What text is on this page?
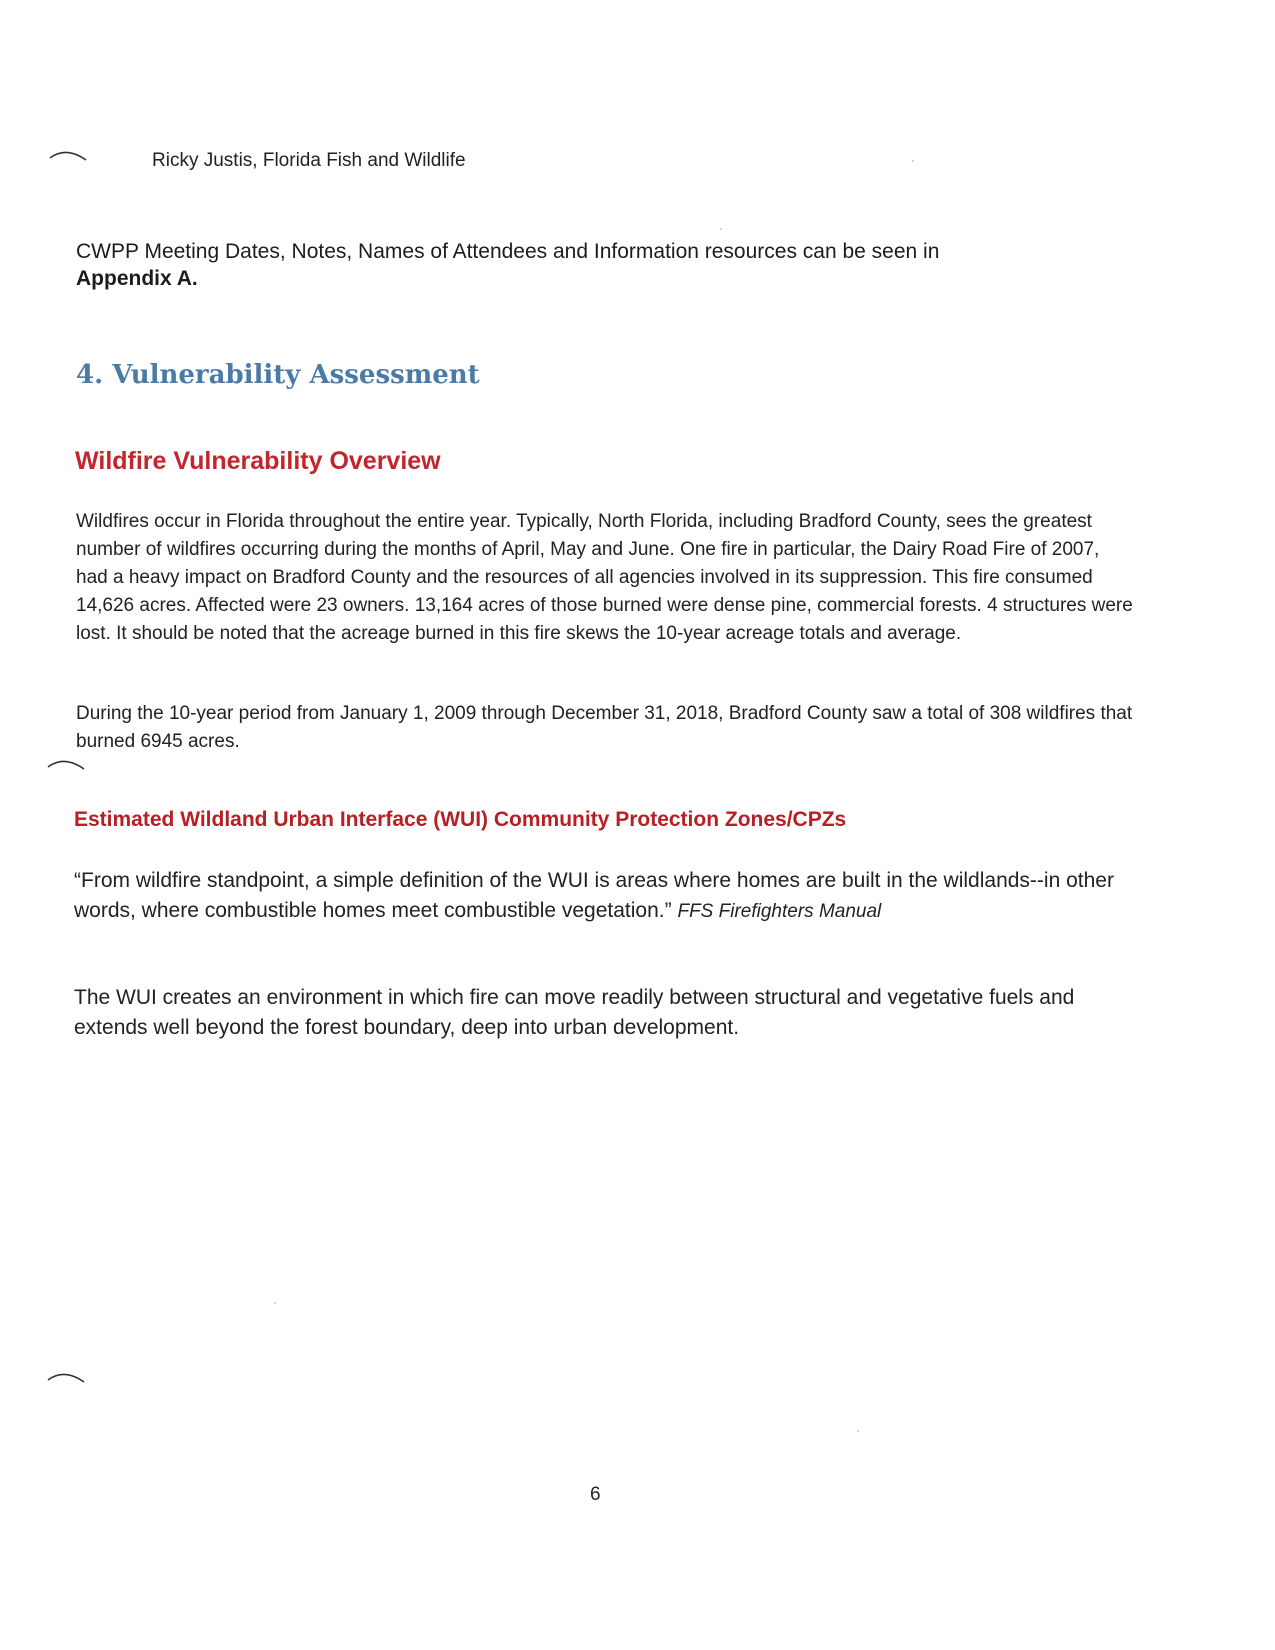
Ricky Justis, Florida Fish and Wildlife

CWPP Meeting Dates, Notes, Names of Attendees and Information resources can be seen in
Appendix A.

4. Vulnerability Assessment
Wildfire Vulnerability Overview

Wildfires occur in Florida throughout the entire year. Typically, North Florida, including Bradford County, sees the greatest number of wildfires occurring during the months of April, May and June. One fire in particular, the Dairy Road Fire of 2007, had a heavy impact on Bradford County and the resources of all agencies involved in its suppression. This fire consumed 14,626 acres. Affected were 23 owners. 13,164 acres of those burned were dense pine, commercial forests. 4 structures were lost. It should be noted that the acreage burned in this fire skews the 10-year acreage totals and average.

During the 10-year period from January 1, 2009 through December 31, 2018, Bradford County saw a total of 308 wildfires that burned 6945 acres.

Estimated Wildland Urban Interface (WUI) Community Protection Zones/CPZs

“From wildfire standpoint, a simple definition of the WUI is areas where homes are built in the wildlands--in other words, where combustible homes meet combustible vegetation.” FFS Firefighters Manual

The WUI creates an environment in which fire can move readily between structural and vegetative fuels and extends well beyond the forest boundary, deep into urban development.

6
